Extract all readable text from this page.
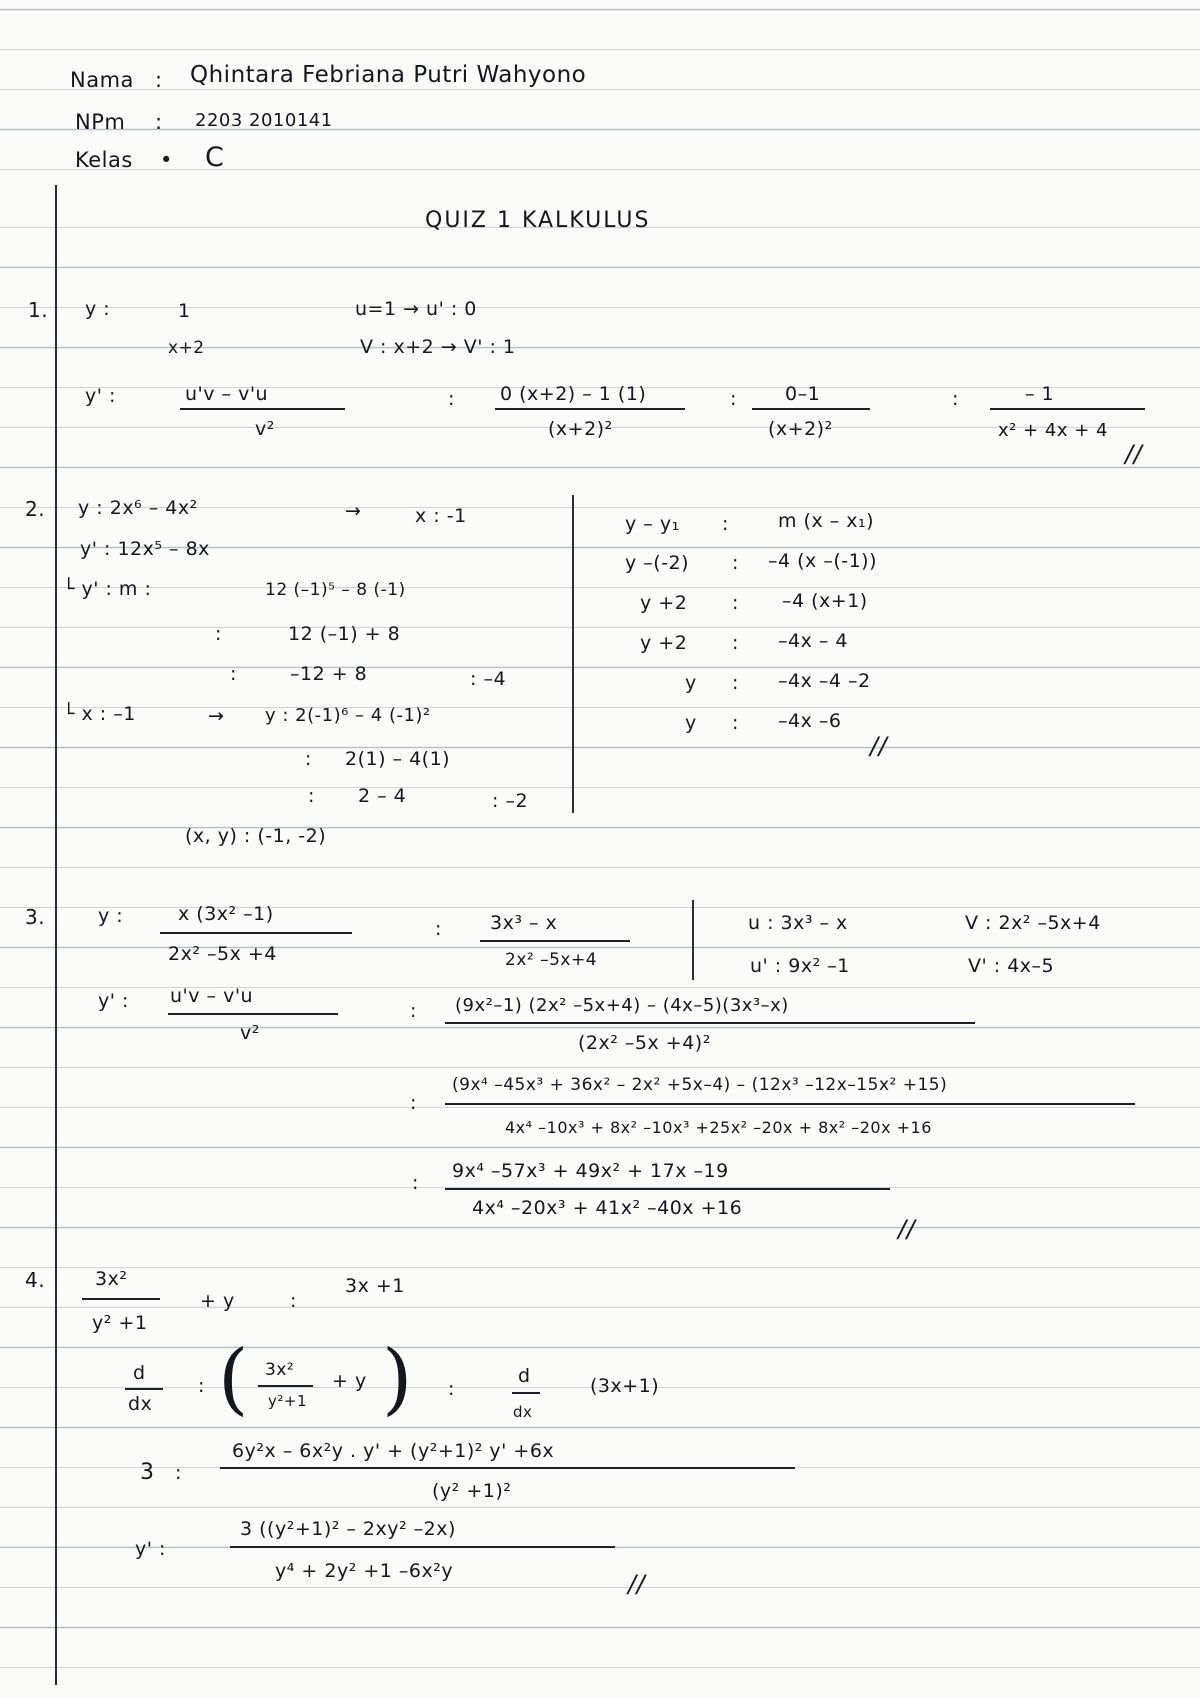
Nama : Qhintara Febriana Putri Wahyono
NPm : 2203 2010141
Kelas • C
QUIZ 1 KALKULUS
1. y :	1
x+2
u=1 → u' : 0
V : x+2 → V' : 1
y' :	u'v – v'u
v²
: 0 (x+2) – 1 (1)
(x+2)²
:	0–1
(x+2)²
:	– 1
x² + 4x + 4
//
2. y : 2x⁶ – 4x²	→	x : -1
y' : 12x⁵ – 8x
└ y' : m :	12 (–1)⁵ – 8 (-1)
:	12 (–1) + 8
:	–12 + 8	: –4
└ x : –1	→ y : 2(-1)⁶ – 4 (-1)²
: 2(1) – 4(1)
: 2 – 4	: –2
(x, y) : (-1, -2)
y – y₁ :	m (x – x₁)
y –(-2) : –4 (x –(-1))
y +2 : –4 (x+1)
y +2 : –4x – 4
y : –4x –4 –2
y : –4x –6
//
3.	y :	x (3x² –1)
2x² –5x +4
:	3x³ – x
2x² –5x+4
u : 3x³ – x
u' : 9x² –1
V : 2x² –5x+4
V' : 4x–5
y' : u'v – v'u
v²
: (9x²–1) (2x² –5x+4) – (4x–5)(3x³–x)
(2x² –5x +4)²
:
(9x⁴ –45x³ + 36x² – 2x² +5x–4) – (12x³ –12x–15x² +15)
4x⁴ –10x³ + 8x² –10x³ +25x² –20x + 8x² –20x +16
:
9x⁴ –57x³ + 49x² + 17x –19
4x⁴ –20x³ + 41x² –40x +16
//
4.	3x²
y² +1
+ y	:
3x +1
d
dx
: ( 3x²
y²+1
+ y ) :
d
dx
(3x+1)
3 :
6y²x – 6x²y . y' + (y²+1)² y' +6x
(y² +1)²
y' :
3 ((y²+1)² – 2xy² –2x)
y⁴ + 2y² +1 –6x²y	//
